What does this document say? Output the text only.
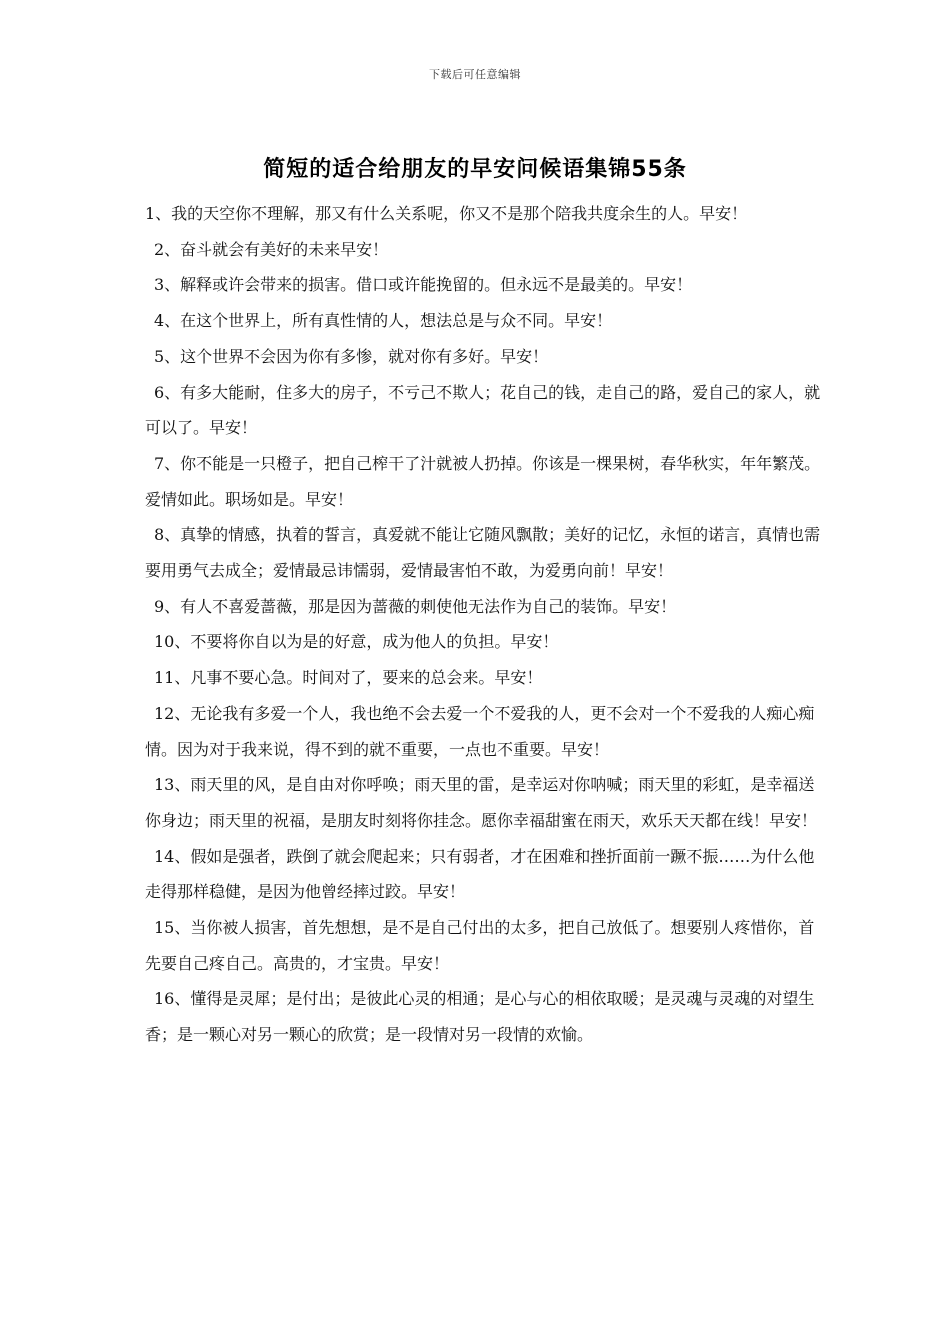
下载后可任意编辑
简短的适合给朋友的早安问候语集锦55条

1、我的天空你不理解，那又有什么关系呢，你又不是那个陪我共度余生的人。早安！

2、奋斗就会有美好的未来早安！

3、解释或许会带来的损害。借口或许能挽留的。但永远不是最美的。早安！

4、在这个世界上，所有真性情的人，想法总是与众不同。早安！

5、这个世界不会因为你有多惨，就对你有多好。早安！

6、有多大能耐，住多大的房子，不亏己不欺人；花自己的钱，走自己的路，爱自己的家人，就可以了。早安！

7、你不能是一只橙子，把自己榨干了汁就被人扔掉。你该是一棵果树，春华秋实，年年繁茂。爱情如此。职场如是。早安！

8、真挚的情感，执着的誓言，真爱就不能让它随风飘散；美好的记忆，永恒的诺言，真情也需要用勇气去成全；爱情最忌讳懦弱，爱情最害怕不敢，为爱勇向前！早安！

9、有人不喜爱蔷薇，那是因为蔷薇的刺使他无法作为自己的装饰。早安！

10、不要将你自以为是的好意，成为他人的负担。早安！

11、凡事不要心急。时间对了，要来的总会来。早安！

12、无论我有多爱一个人，我也绝不会去爱一个不爱我的人，更不会对一个不爱我的人痴心痴情。因为对于我来说，得不到的就不重要，一点也不重要。早安！

13、雨天里的风，是自由对你呼唤；雨天里的雷，是幸运对你呐喊；雨天里的彩虹，是幸福送你身边；雨天里的祝福，是朋友时刻将你挂念。愿你幸福甜蜜在雨天，欢乐天天都在线！早安！

14、假如是强者，跌倒了就会爬起来；只有弱者，才在困难和挫折面前一蹶不振……为什么他走得那样稳健，是因为他曾经摔过跤。早安！

15、当你被人损害，首先想想，是不是自己付出的太多，把自己放低了。想要别人疼惜你，首先要自己疼自己。高贵的，才宝贵。早安！

16、懂得是灵犀；是付出；是彼此心灵的相通；是心与心的相依取暖；是灵魂与灵魂的对望生香；是一颗心对另一颗心的欣赏；是一段情对另一段情的欢愉。
